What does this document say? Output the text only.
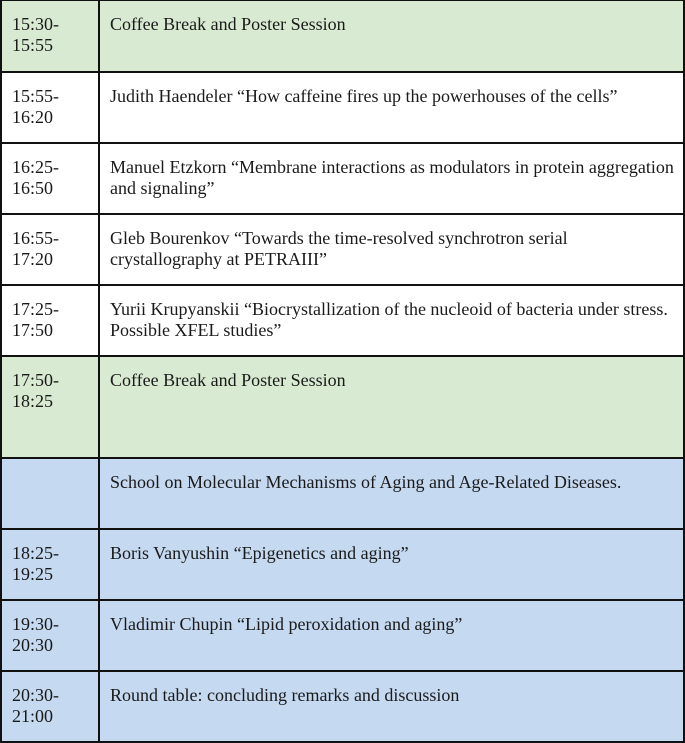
15:30-
15:55	Coffee Break and Poster Session
15:55-
16:20	Judith Haendeler “How caffeine fires up the powerhouses of the cells”
16:25-
16:50	Manuel Etzkorn “Membrane interactions as modulators in protein aggregation and signaling”
16:55-
17:20	Gleb Bourenkov “Towards the time-resolved synchrotron serial crystallography at PETRAIII”
17:25-
17:50	Yurii Krupyanskii “Biocrystallization of the nucleoid of bacteria under stress. Possible XFEL studies”
17:50-
18:25	Coffee Break and Poster Session
	School on Molecular Mechanisms of Aging and Age-Related Diseases.
18:25-
19:25	Boris Vanyushin “Epigenetics and aging”
19:30-
20:30	Vladimir Chupin “Lipid peroxidation and aging”
20:30-
21:00	Round table: concluding remarks and discussion
